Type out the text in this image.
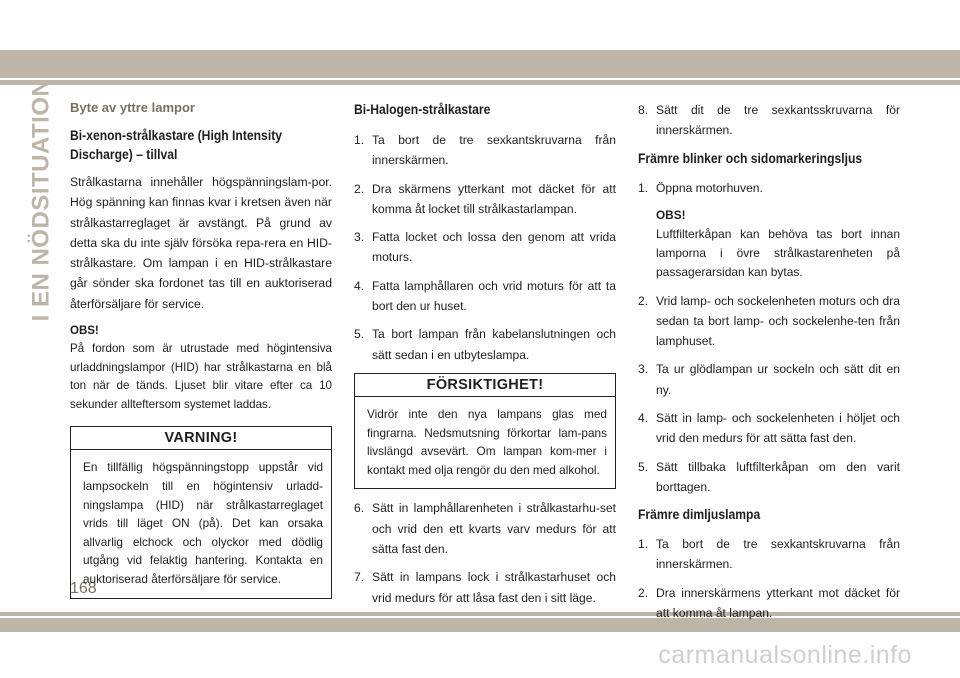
I EN NÖDSITUATION
168
Byte av yttre lampor
Bi-xenon-strålkastare (High Intensity Discharge) – tillval

Strålkastarna innehåller högspänningslam-por. Hög spänning kan finnas kvar i kretsen även när strålkastarreglaget är avstängt. På grund av detta ska du inte själv försöka repa-rera en HID-strålkastare. Om lampan i en HID-strålkastare går sönder ska fordonet tas till en auktoriserad återförsäljare för service.

OBS!

På fordon som är utrustade med högintensiva urladdningslampor (HID) har strålkastarna en blå ton när de tänds. Ljuset blir vitare efter ca 10 sekunder allteftersom systemet laddas.

VARNING!
En tillfällig högspänningstopp uppstår vid lampsockeln till en högintensiv urladd-ningslampa (HID) när strålkastarreglaget vrids till läget ON (på). Det kan orsaka allvarlig elchock och olyckor med dödlig utgång vid felaktig hantering. Kontakta en auktoriserad återförsäljare för service.
Bi-Halogen-strålkastare
1. Ta bort de tre sexkantskruvarna från innerskärmen.
2. Dra skärmens ytterkant mot däcket för att komma åt locket till strålkastarlampan.
3. Fatta locket och lossa den genom att vrida moturs.
4. Fatta lamphållaren och vrid moturs för att ta bort den ur huset.
5. Ta bort lampan från kabelanslutningen och sätt sedan i en utbyteslampa.
FÖRSIKTIGHET!
Vidrör inte den nya lampans glas med fingrarna. Nedsmutsning förkortar lam-pans livslängd avsevärt. Om lampan kom-mer i kontakt med olja rengör du den med alkohol.
6. Sätt in lamphållarenheten i strålkastarhu-set och vrid den ett kvarts varv medurs för att sätta fast den.
7. Sätt in lampans lock i strålkastarhuset och vrid medurs för att låsa fast den i sitt läge.
8. Sätt dit de tre sexkantsskruvarna för innerskärmen.
Främre blinker och sidomarkeringsljus
1. Öppna motorhuven.
OBS!

Luftfilterkåpan kan behöva tas bort innan lamporna i övre strålkastarenheten på passagerarsidan kan bytas.

2. Vrid lamp- och sockelenheten moturs och dra sedan ta bort lamp- och sockelenhe-ten från lamphuset.
3. Ta ur glödlampan ur sockeln och sätt dit en ny.
4. Sätt in lamp- och sockelenheten i höljet och vrid den medurs för att sätta fast den.
5. Sätt tillbaka luftfilterkåpan om den varit borttagen.
Främre dimljuslampa
1. Ta bort de tre sexkantskruvarna från innerskärmen.
2. Dra innerskärmens ytterkant mot däcket för att komma åt lampan.
carmanualsonline.info
